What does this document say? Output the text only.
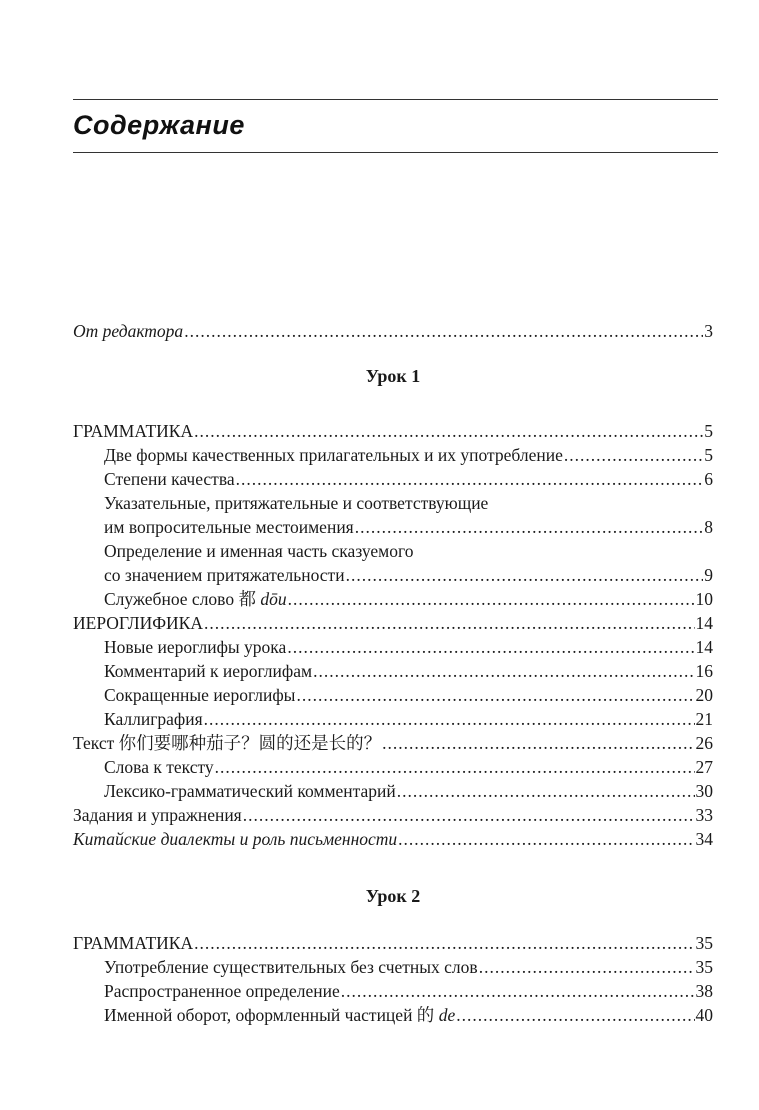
Содержание
От редактора .....	3
Урок 1
ГРАММАТИКА .....	5
Две формы качественных прилагательных и их употребление .....	5
Степени качества .....	6
Указательные, притяжательные и соответствующие
им вопросительные местоимения .....	8
Определение и именная часть сказуемого
со значением притяжательности .....	9
Служебное слово 都 dōu .....	10
ИЕРОГЛИФИКА .....	14
Новые иероглифы урока .....	14
Комментарий к иероглифам .....	16
Сокращенные иероглифы .....	20
Каллиграфия .....	21
Текст 你们要哪种茄子？圆的还是长的？ .....	26
Слова к тексту .....	27
Лексико-грамматический комментарий .....	30
Задания и упражнения .....	33
Китайские диалекты и роль письменности .....	34
Урок 2
ГРАММАТИКА .....	35
Употребление существительных без счетных слов .....	35
Распространенное определение .....	38
Именной оборот, оформленный частицей 的 de .....	40
